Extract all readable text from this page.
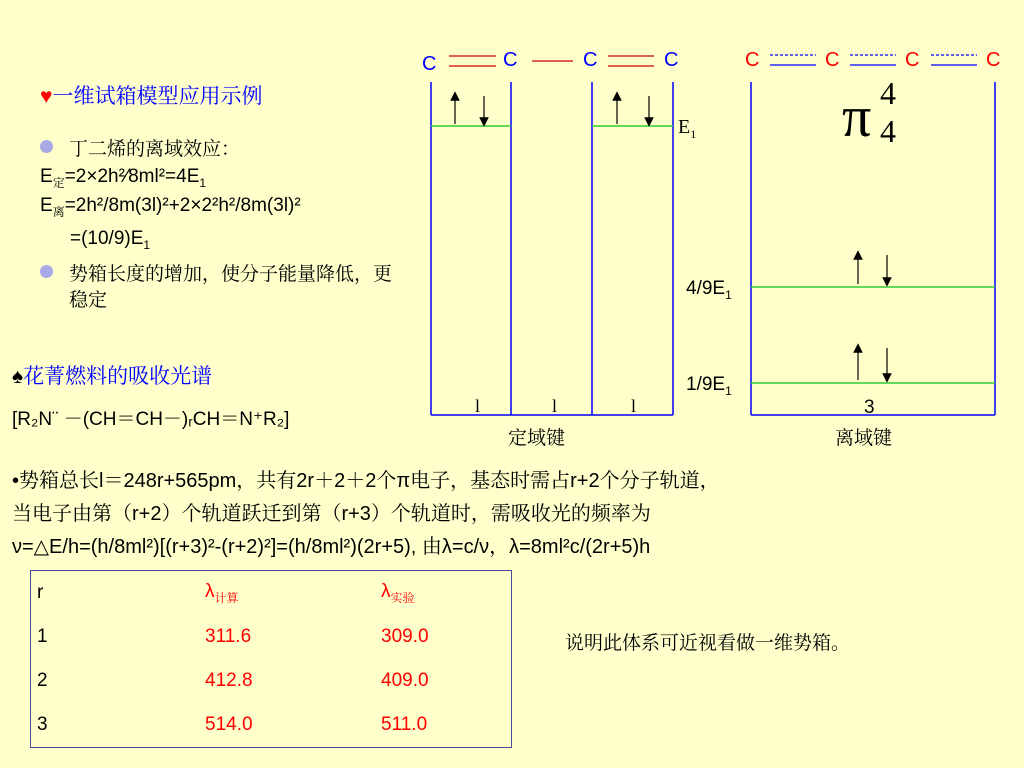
♥一维试箱模型应用示例
丁二烯的离域效应：
$E_定=2\times 2h^2⁄8ml^2=4E_1$
$E_离=2h^2/8m(3l)^2+2\times 2^2h^2/8m(3l)^2$
$=(10/9)E_1$
势箱长度的增加，使分子能量降低，更稳定
♠花菁燃料的吸收光谱
[R₂N¨ －(CH＝CH－)ᵣCH＝N⁺R₂]
•势箱总长l＝248r+565pm，共有2r＋2＋2个π电子，基态时需占r+2个分子轨道，
当电子由第（r+2）个轨道跃迁到第（r+3）个轨道时，需吸收光的频率为
ν=△E/h=(h/8ml²)[(r+3)²-(r+2)²]=(h/8ml²)(2r+5), 由λ=c/ν，λ=8ml²c/(2r+5)h
r	$\lambda_{计算}$	$\lambda_{实验}$
1	311.6	309.0
2	412.8	409.0
3	514.0	511.0
说明此体系可近视看做一维势箱。
C	C	C	C
$E_1$
l	l	l
定域键
C	C	C	C
π 4
4
$4/9E_1$
$1/9E_1$
3
离域键
